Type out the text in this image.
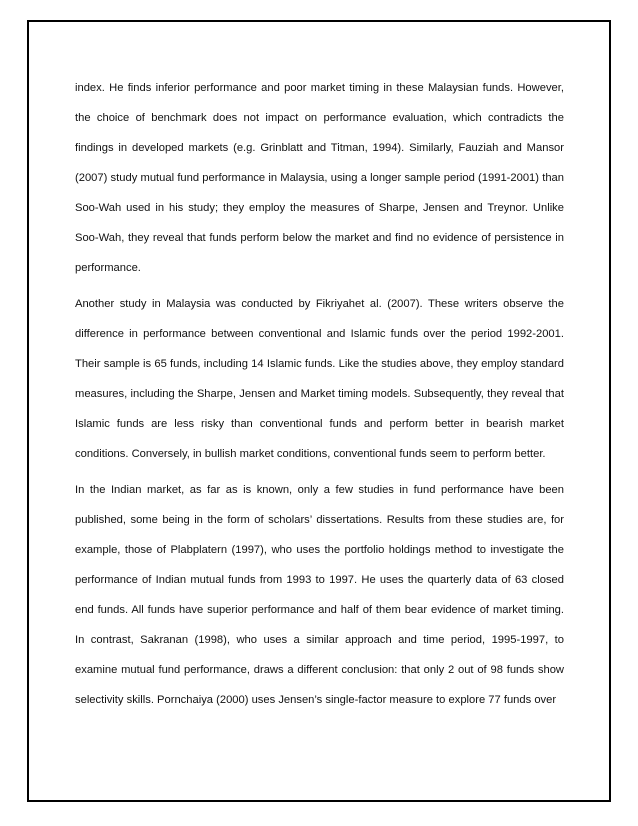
index. He finds inferior performance and poor market timing in these Malaysian funds. However, the choice of benchmark does not impact on performance evaluation, which contradicts the findings in developed markets (e.g. Grinblatt and Titman, 1994). Similarly, Fauziah and Mansor (2007) study mutual fund performance in Malaysia, using a longer sample period (1991-2001) than Soo-Wah used in his study; they employ the measures of Sharpe, Jensen and Treynor. Unlike Soo-Wah, they reveal that funds perform below the market and find no evidence of persistence in performance.

Another study in Malaysia was conducted by Fikriyahet al. (2007). These writers observe the difference in performance between conventional and Islamic funds over the period 1992-2001. Their sample is 65 funds, including 14 Islamic funds. Like the studies above, they employ standard measures, including the Sharpe, Jensen and Market timing models. Subsequently, they reveal that Islamic funds are less risky than conventional funds and perform better in bearish market conditions. Conversely, in bullish market conditions, conventional funds seem to perform better.

In the Indian market, as far as is known, only a few studies in fund performance have been published, some being in the form of scholars’ dissertations. Results from these studies are, for example, those of Plabplatern (1997), who uses the portfolio holdings method to investigate the performance of Indian mutual funds from 1993 to 1997. He uses the quarterly data of 63 closed end funds. All funds have superior performance and half of them bear evidence of market timing. In contrast, Sakranan (1998), who uses a similar approach and time period, 1995-1997, to examine mutual fund performance, draws a different conclusion: that only 2 out of 98 funds show selectivity skills. Pornchaiya (2000) uses Jensen’s single-factor measure to explore 77 funds over
